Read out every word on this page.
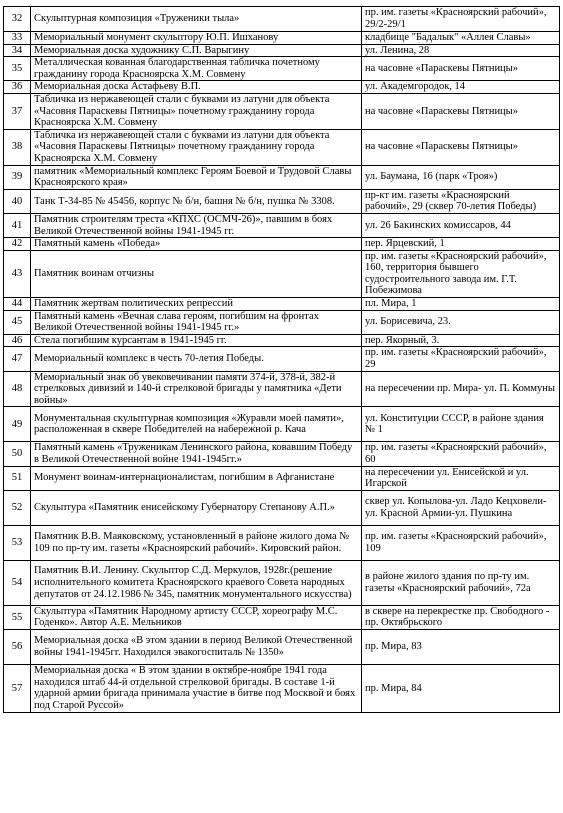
32	Скульптурная композиция «Труженики тыла»	пр. им. газеты «Красноярский рабочий», 29/2-29/1
33	Мемориальный монумент скульптору Ю.П. Ишханову	кладбище "Бадалык" «Аллея Славы»
34	Мемориальная доска художнику С.П. Варыгину	ул. Ленина, 28
35	Металлическая кованная благодарственная табличка почетному гражданину города Красноярска Х.М. Совмену	на часовне «Параскевы Пятницы»
36	Мемориальная доска Астафьеву В.П.	ул. Академгородок, 14
37	Табличка из нержавеющей стали с буквами из латуни для объекта «Часовня Параскевы Пятницы» почетному гражданину города Красноярска Х.М. Совмену	на часовне «Параскевы Пятницы»
38	Табличка из нержавеющей стали с буквами из латуни для объекта «Часовня Параскевы Пятницы» почетному гражданину города Красноярска Х.М. Совмену	на часовне «Параскевы Пятницы»
39	памятник «Мемориальный комплекс Героям Боевой и Трудовой Славы Красноярского края»	ул. Баумана, 16 (парк «Троя»)
40	Танк Т-34-85 № 45456, корпус № б/н, башня № б/н, пушка № 3308.	пр-кт им. газеты «Красноярский рабочий», 29 (сквер 70-летия Победы)
41	Памятник строителям треста «КПХС (ОСМЧ-26)», павшим в боях Великой Отечественной войны 1941-1945 гг.	ул. 26 Бакинских комиссаров, 44
42	Памятный камень «Победа»	пер. Ярцевский, 1
43	Памятник воинам отчизны	пр. им. газеты «Красноярский рабочий», 160, территория бывшего судостроительного завода им. Г.Т. Побежимова
44	Памятник жертвам политических репрессий	пл. Мира, 1
45	Памятный камень «Вечная слава героям, погибшим на фронтах Великой Отечественной войны 1941-1945 гг.»	ул. Борисевича, 23.
46	Стела погибшим курсантам в 1941-1945 гг.	пер. Якорный, 3.
47	Мемориальный комплекс в честь 70-летия Победы.	пр. им. газеты «Красноярский рабочий», 29
48	Мемориальный знак об увековечивании памяти 374-й, 378-й, 382-й стрелковых дивизий и 140-й стрелковой бригады у памятника «Дети войны»	на пересечении пр. Мира- ул. П. Коммуны
49	Монументальная скульптурная композиция «Журавли моей памяти», расположенная в сквере Победителей на набережной р. Кача	ул. Конституции СССР, в районе здания № 1
50	Памятный камень «Труженикам Ленинского района, ковавшим Победу в Великой Отечественной войне 1941-1945гг.»	пр. им. газеты «Красноярский рабочий», 60
51	Монумент воинам-интернационалистам, погибшим в Афганистане	на пересечении ул. Енисейской и ул. Игарской
52	Скульптура «Памятник енисейскому Губернатору Степанову А.П.»	сквер ул. Копылова-ул. Ладо Кецховели-ул. Красной Армии-ул. Пушкина
53	Памятник В.В. Маяковскому, установленный в районе жилого дома № 109 по пр-ту им. газеты «Красноярский рабочий». Кировский район.	пр. им. газеты «Красноярский рабочий», 109
54	Памятник В.И. Ленину. Скульптор С.Д. Меркулов, 1928г.(решение исполнительного комитета Красноярского краевого Совета народных депутатов от 24.12.1986 № 345, памятник монументального искусства)	в районе жилого здания по пр-ту им. газеты «Красноярский рабочий», 72а
55	Скульптура «Памятник Народному артисту СССР, хореографу М.С. Годенко». Автор А.Е. Мельников	в сквере на перекрестке пр. Свободного - пр. Октябрьского
56	Мемориальная доска «В этом здании в период Великой Отечественной войны 1941-1945гг. Находился эвакогоспиталь № 1350»	пр. Мира, 83
57	Мемориальная доска « В этом здании в октябре-ноябре 1941 года находился штаб 44-й отдельной стрелковой бригады. В составе 1-й ударной армии бригада принимала участие в битве под Москвой и боях под Старой Руссой»	пр. Мира, 84
